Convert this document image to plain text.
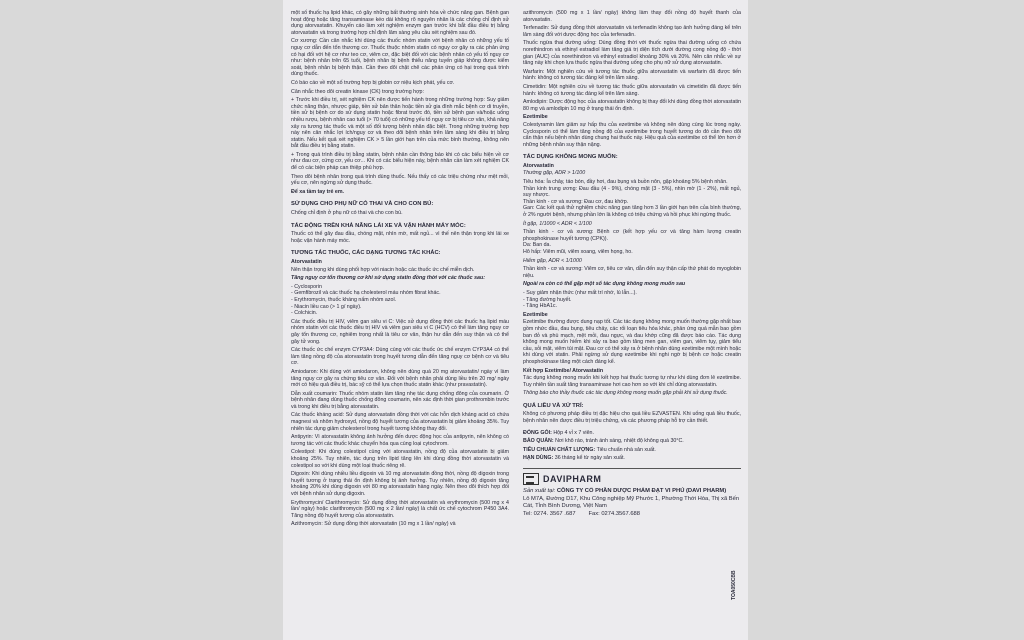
một số thuốc hạ lipid khác, có gây những bất thường sinh hóa về chức năng gan. Bệnh gan hoạt động hoặc tăng transaminase kéo dài không rõ nguyên nhân là các chống chỉ định sử dụng atorvastatin. Khuyến cáo làm xét nghiệm enzym gan trước khi bắt đầu điều trị bằng atorvastatin và trong trường hợp chỉ định lâm sàng yêu cầu xét nghiệm sau đó.

Cơ xương: Cần cân nhắc khi dùng các thuốc nhóm statin với bệnh nhân có những yếu tố nguy cơ dẫn đến tổn thương cơ. Thuốc thuộc nhóm statin có nguy cơ gây ra các phản ứng có hại đối với hệ cơ như teo cơ, viêm cơ, đặc biệt đối với các bệnh nhân có yếu tố nguy cơ như: bệnh nhân trên 65 tuổi, bệnh nhân bị bệnh thiểu năng tuyến giáp không được kiểm soát, bệnh nhân bị bệnh thận. Cần theo dõi chặt chẽ các phản ứng có hại trong quá trình dùng thuốc.

Có báo cáo về một số trường hợp bị globin cơ niệu kịch phát, yếu cơ.

Cân nhắc theo dõi creatin kinase (CK) trong trường hợp:

+ Trước khi điều trị, xét nghiệm CK nên được tiến hành trong những trường hợp: Suy giảm chức năng thận, nhược giáp, tiền sử bản thân hoặc tiền sử gia đình mắc bệnh cơ di truyền, tiền sử bị bệnh cơ do sử dụng statin hoặc fibrat trước đó, tiền sử bệnh gan và/hoặc uống nhiều rượu, bệnh nhân cao tuổi (> 70 tuổi) có những yếu tố nguy cơ bị tiêu cơ vân, khả năng xảy ra tương tác thuốc và một số đối tượng bệnh nhân đặc biệt. Trong những trường hợp này nên cân nhắc lợi ích/nguy cơ và theo dõi bệnh nhân trên lâm sàng khi điều trị bằng statin. Nếu kết quả xét nghiệm CK > 5 lần giới hạn trên của mức bình thường, không nên bắt đầu điều trị bằng statin.

+ Trong quá trình điều trị bằng statin, bệnh nhân cần thông báo khi có các biểu hiện về cơ như đau cơ, cứng cơ, yếu cơ... Khi có các biểu hiện này, bệnh nhân cần làm xét nghiệm CK để có các biện pháp can thiệp phù hợp.

Theo dõi bệnh nhân trong quá trình dùng thuốc. Nếu thấy có các triệu chứng như mệt mỏi, yếu cơ, nên ngừng sử dụng thuốc.

Để xa tầm tay trẻ em.

SỬ DỤNG CHO PHỤ NỮ CÓ THAI VÀ CHO CON BÚ:

Chống chỉ định ở phụ nữ có thai và cho con bú.

TÁC ĐỘNG TRÊN KHẢ NĂNG LÁI XE VÀ VẬN HÀNH MÁY MÓC:

Thuốc có thể gây đau đầu, chóng mặt, nhìn mờ, mất ngủ... vì thế nên thận trọng khi lái xe hoặc vận hành máy móc.

TƯƠNG TÁC THUỐC, CÁC DẠNG TƯƠNG TÁC KHÁC:
Atorvastatin

Nên thận trọng khi dùng phối hợp với niacin hoặc các thuốc ức chế miễn dịch.

Tăng nguy cơ tổn thương cơ khi sử dụng statin đồng thời với các thuốc sau:

- Cyclosporin
- Gemfibrozil và các thuốc hạ cholesterol máu nhóm fibrat khác.
- Erythromycin, thuốc kháng nấm nhóm azol.
- Niacin liều cao (> 1 g/ ngày).
- Colchicin.

Các thuốc điều trị HIV, viêm gan siêu vi C: Việc sử dụng đồng thời các thuốc hạ lipid máu nhóm statin với các thuốc điều trị HIV và viêm gan siêu vi C (HCV) có thể làm tăng nguy cơ gây tổn thương cơ, nghiêm trọng nhất là tiêu cơ vân, thận hư dẫn đến suy thận và có thể gây tử vong.

Các thuốc ức chế enzym CYP3A4: Dùng cùng với các thuốc ức chế enzym CYP3A4 có thể làm tăng nồng độ của atorvastatin trong huyết tương dẫn đến tăng nguy cơ bệnh cơ và tiêu cơ.

Amiodaron: Khi dùng với amiodaron, không nên dùng quá 20 mg atorvastatin/ ngày vì làm tăng nguy cơ gây ra chứng tiêu cơ vân. Đối với bệnh nhân phải dùng liều trên 20 mg/ ngày mới có hiệu quả điều trị, bác sỹ có thể lựa chọn thuốc statin khác (như pravastatin).

Dẫn xuất coumarin: Thuốc nhóm statin làm tăng nhẹ tác dụng chống đông của coumarin. Ở bệnh nhân đang dùng thuốc chống đông coumarin, nên xác định thời gian prothrombin trước và trong khi điều trị bằng atorvastatin.

Các thuốc kháng acid: Sử dụng atorvastatin đồng thời với các hỗn dịch kháng acid có chứa magnesi và nhôm hydroxyd, nồng độ huyết tương của atorvastatin bị giảm khoảng 35%. Tuy nhiên tác dụng giảm cholesterol trong huyết tương không thay đổi.

Antipyrin: Vì atorvastatin không ảnh hưởng đến dược động học của antipyrin, nên không có tương tác với các thuốc khác chuyển hóa qua cùng loại cytochrom.

Colestipol: Khi dùng colestipol cùng với atorvastatin, nồng độ của atorvastatin bị giảm khoảng 25%. Tuy nhiên, tác dụng trên lipid tăng lên khi dùng đồng thời atorvastatin và colestipol so với khi dùng một loại thuốc riêng rẽ.

Digoxin: Khi dùng nhiều liều digoxin và 10 mg atorvastatin đồng thời, nồng độ digoxin trong huyết tương ở trạng thái ổn định không bị ảnh hưởng. Tuy nhiên, nồng độ digoxin tăng khoảng 20% khi dùng digoxin với 80 mg atorvastatin hàng ngày. Nên theo dõi thích hợp đối với bệnh nhân sử dụng digoxin.

Erythromycin/ Clarithromycin: Sử dụng đồng thời atorvastatin và erythromycin (500 mg x 4 lần/ ngày) hoặc clarithromycin (500 mg x 2 lần/ ngày) là chất ức chế cytochrom P450 3A4. Tăng nồng độ huyết tương của atorvastatin.

Azithromycin: Sử dụng đồng thời atorvastatin (10 mg x 1 lần/ ngày) và

azithromycin (500 mg x 1 lần/ ngày) không làm thay đổi nồng độ huyết thanh của atorvastatin.

Terfenadin: Sử dụng đồng thời atorvastatin và terfenadin không tạo ảnh hưởng đáng kể trên lâm sàng đối với dược động học của terfenadin.

Thuốc ngừa thai đường uống: Dùng đồng thời với thuốc ngừa thai đường uống có chứa norethindron và ethinyl estradiol làm tăng giá trị diện tích dưới đường cong nồng độ - thời gian (AUC) của norethindron và ethinyl estradiol khoảng 30% và 20%. Nên cân nhắc về sự tăng này khi chọn lựa thuốc ngừa thai đường uống cho phụ nữ sử dụng atorvastatin.

Warfarin: Một nghiên cứu về tương tác thuốc giữa atorvastatin và warfarin đã được tiến hành: không có tương tác đáng kể trên lâm sàng.

Cimetidin: Một nghiên cứu về tương tác thuốc giữa atorvastatin và cimetidin đã được tiến hành: không có tương tác đáng kể trên lâm sàng.

Amlodipin: Dược động học của atorvastatin không bị thay đổi khi dùng đồng thời atorvastatin 80 mg và amlodipin 10 mg ở trạng thái ổn định.

Ezetimibe

Colestyramin làm giảm sự hấp thu của ezetimibe và không nên dùng cùng lúc trong ngày. Cyclosporin có thể làm tăng nồng độ của ezetimibe trong huyết tương do đó cần theo dõi cẩn thận nếu bệnh nhân dùng chung hai thuốc này. Hiệu quả của ezetimibe có thể lớn hơn ở những bệnh nhân suy thận nặng.

TÁC DỤNG KHÔNG MONG MUỐN:
Atorvastatin

Thường gặp, ADR > 1/100

Tiêu hóa: Ỉa chảy, táo bón, đầy hơi, đau bụng và buồn nôn, gặp khoảng 5% bệnh nhân.
Thần kinh trung ương: Đau đầu (4 - 9%), chóng mặt (3 - 5%), nhìn mờ (1 - 2%), mất ngủ, suy nhược.
Thần kinh - cơ và xương: Đau cơ, đau khớp.
Gan: Các kết quả thử nghiệm chức năng gan tăng hơn 3 lần giới hạn trên của bình thường, ở 2% người bệnh, nhưng phần lớn là không có triệu chứng và hồi phục khi ngừng thuốc.

Ít gặp, 1/1000 < ADR < 1/100

Thần kinh - cơ và xương: Bệnh cơ (kết hợp yếu cơ và tăng hàm lượng creatin phosphokinase huyết tương (CPK)).
Da: Ban da.
Hô hấp: Viêm mũi, viêm xoang, viêm họng, ho.

Hiếm gặp, ADR < 1/1000

Thần kinh - cơ và xương: Viêm cơ, tiêu cơ vân, dẫn đến suy thận cấp thứ phát do myoglobin niệu.

Ngoài ra còn có thể gặp một số tác dụng không mong muốn sau

- Suy giảm nhận thức (như mất trí nhớ, lú lẫn...).
- Tăng đường huyết.
- Tăng HbA1c.

Ezetimibe

Ezetimibe thường được dung nạp tốt. Các tác dụng không mong muốn thường gặp nhất bao gồm nhức đầu, đau bụng, tiêu chảy, các rối loạn tiêu hóa khác, phản ứng quá mẫn bao gồm ban đỏ và phù mạch, mệt mỏi, đau ngực, và đau khớp cũng đã được báo cáo. Tác dụng không mong muốn hiếm khi xảy ra bao gồm tăng men gan, viêm gan, viêm tụy, giảm tiểu cầu, sỏi mật, viêm túi mật. Đau cơ có thể xảy ra ở bệnh nhân dùng ezetimibe một mình hoặc khi dùng với statin. Phải ngừng sử dụng ezetimibe khi nghi ngờ bị bệnh cơ hoặc creatin phosphokinase tăng một cách đáng kể.

Kết hợp Ezetimibe/ Atorvastatin

Tác dụng không mong muốn khi kết hợp hai thuốc tương tự như khi dùng đơn lẻ ezetimibe. Tuy nhiên tần suất tăng transaminase hơi cao hơn so với khi chỉ dùng atorvastatin.

Thông báo cho thầy thuốc các tác dụng không mong muốn gặp phải khi sử dụng thuốc.

QUÁ LIỀU VÀ XỬ TRÍ:

Không có phương pháp điều trị đặc hiệu cho quá liều EZVASTEN. Khi uống quá liều thuốc, bệnh nhân nên được điều trị triệu chứng, và các phương pháp hỗ trợ cần thiết.

ĐÓNG GÓI: Hộp 4 vỉ x 7 viên.

BẢO QUẢN: Nơi khô ráo, tránh ánh sáng, nhiệt độ không quá 30°C.

TIÊU CHUẨN CHẤT LƯỢNG: Tiêu chuẩn nhà sản xuất.

HẠN DÙNG: 36 tháng kể từ ngày sản xuất.

DAVIPHARM
Sản xuất tại: CÔNG TY CỔ PHẦN DƯỢC PHẨM ĐẠT VI PHÚ (DAVI PHARM)
Lô M7A, Đường D17, Khu Công nghiệp Mỹ Phước 1, Phường Thới Hòa, Thị xã Bến Cát, Tỉnh Bình Dương, Việt Nam
Tel: 0274. 3567 .687 Fax: 0274.3567.688
TOA050CBB
